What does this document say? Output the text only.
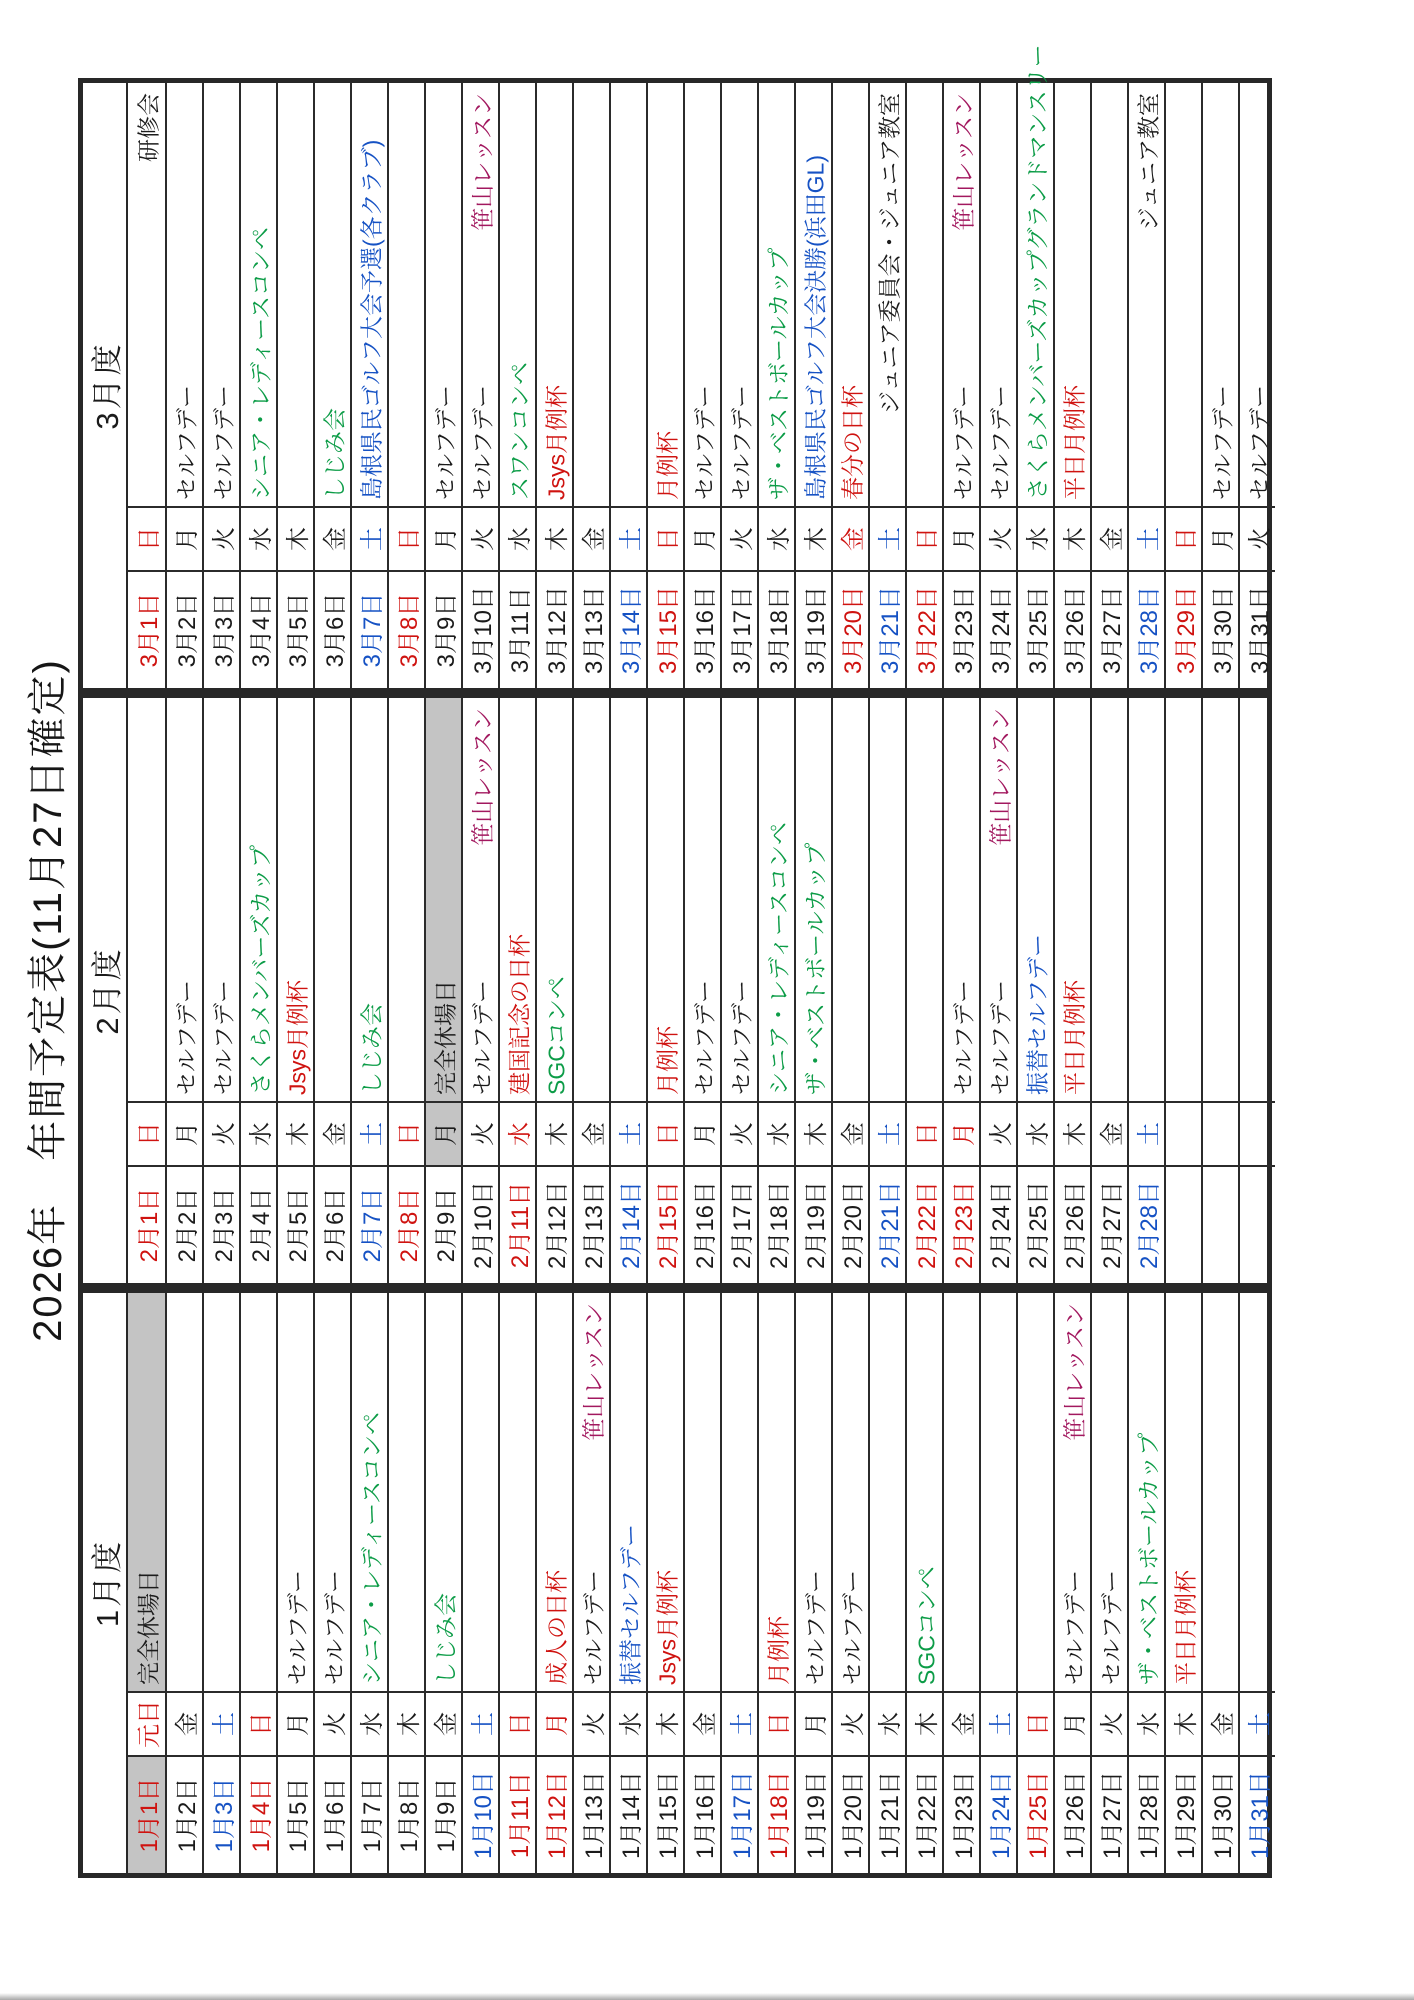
2026年　年間予定表(11月27日確定)
1月度
1月1日
元日
完全休場日
1月2日
金
1月3日
土
1月4日
日
1月5日
月
セルフデー
1月6日
火
セルフデー
1月7日
水
シニア・レディースコンペ
1月8日
木
1月9日
金
しじみ会
1月10日
土
1月11日
日
1月12日
月
成人の日杯
1月13日
火
セルフデー
笹山レッスン
1月14日
水
振替セルフデー
1月15日
木
Jsys月例杯
1月16日
金
1月17日
土
1月18日
日
月例杯
1月19日
月
セルフデー
1月20日
火
セルフデー
1月21日
水
1月22日
木
SGCコンペ
1月23日
金
1月24日
土
1月25日
日
1月26日
月
セルフデー
笹山レッスン
1月27日
火
セルフデー
1月28日
水
ザ・ベストボールカップ
1月29日
木
平日月例杯
1月30日
金
1月31日
土
2月度
2月1日
日
2月2日
月
セルフデー
2月3日
火
セルフデー
2月4日
水
さくらメンバーズカップ
2月5日
木
Jsys月例杯
2月6日
金
2月7日
土
しじみ会
2月8日
日
2月9日
月
完全休場日
2月10日
火
セルフデー
笹山レッスン
2月11日
水
建国記念の日杯
2月12日
木
SGCコンペ
2月13日
金
2月14日
土
2月15日
日
月例杯
2月16日
月
セルフデー
2月17日
火
セルフデー
2月18日
水
シニア・レディースコンペ
2月19日
木
ザ・ベストボールカップ
2月20日
金
2月21日
土
2月22日
日
2月23日
月
セルフデー
2月24日
火
セルフデー
笹山レッスン
2月25日
水
振替セルフデー
2月26日
木
平日月例杯
2月27日
金
2月28日
土
3月度
3月1日
日
研修会
3月2日
月
セルフデー
3月3日
火
セルフデー
3月4日
水
シニア・レディースコンペ
3月5日
木
3月6日
金
しじみ会
3月7日
土
島根県民ゴルフ大会予選(各クラブ)
3月8日
日
3月9日
月
セルフデー
3月10日
火
セルフデー
笹山レッスン
3月11日
水
スワンコンペ
3月12日
木
Jsys月例杯
3月13日
金
3月14日
土
3月15日
日
月例杯
3月16日
月
セルフデー
3月17日
火
セルフデー
3月18日
水
ザ・ベストボールカップ
3月19日
木
島根県民ゴルフ大会決勝(浜田GL)
3月20日
金
春分の日杯
3月21日
土
ジュニア委員会・ジュニア教室
3月22日
日
3月23日
月
セルフデー
笹山レッスン
3月24日
火
セルフデー
3月25日
水
さくらメンバーズカップグランドマンスリー
3月26日
木
平日月例杯
3月27日
金
3月28日
土
ジュニア教室
3月29日
日
3月30日
月
セルフデー
3月31日
火
セルフデー
